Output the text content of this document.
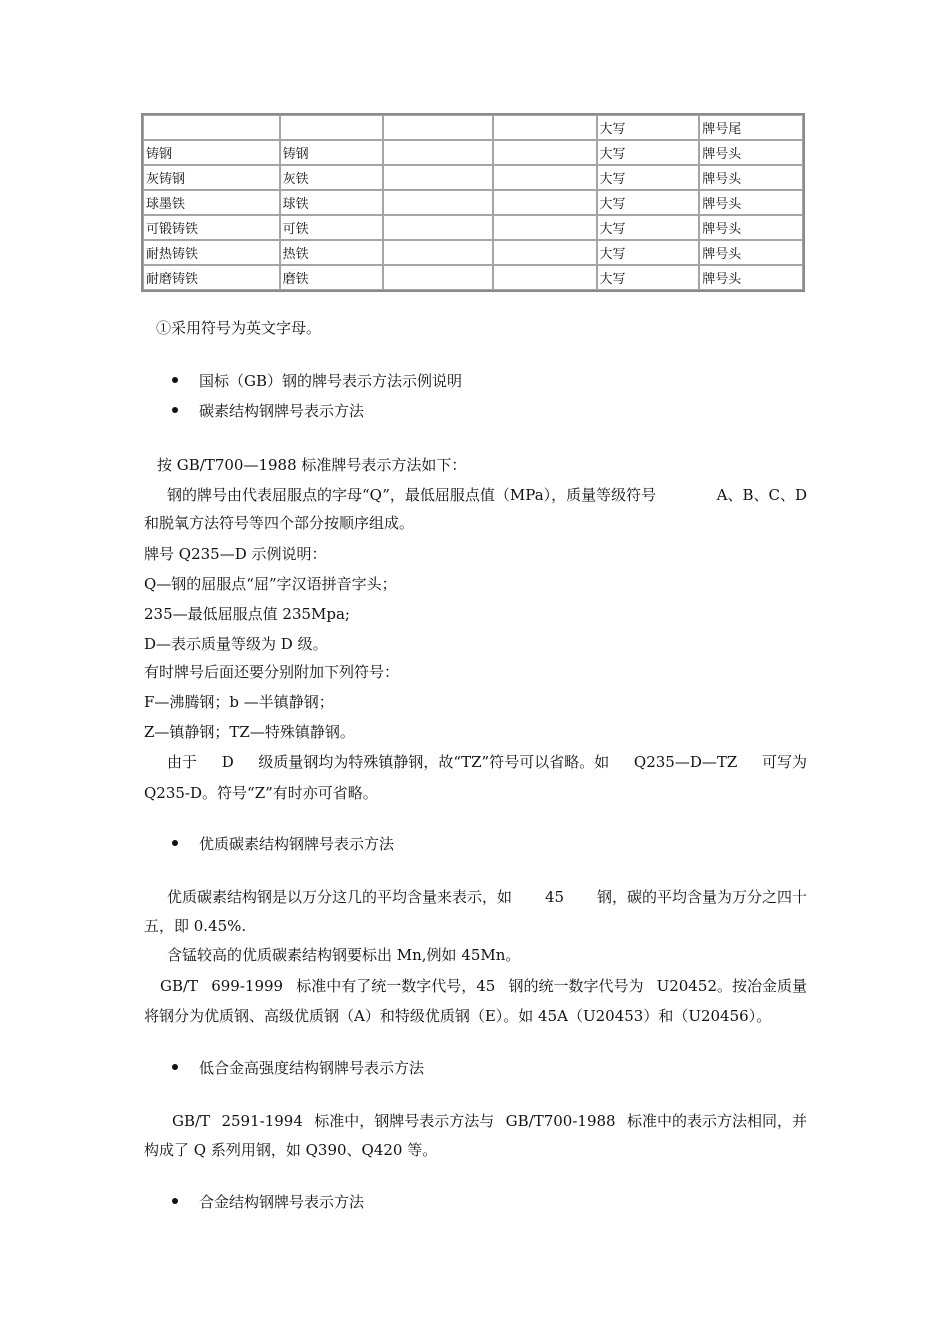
				大写	牌号尾
铸钢	铸钢			大写	牌号头
灰铸钢	灰铁			大写	牌号头
球墨铁	球铁			大写	牌号头
可锻铸铁	可铁			大写	牌号头
耐热铸铁	热铁			大写	牌号头
耐磨铸铁	磨铁			大写	牌号头
①采用符号为英文字母。
国标（GB）钢的牌号表示方法示例说明
碳素结构钢牌号表示方法
按 GB/T700—1988 标准牌号表示方法如下：
钢的牌号由代表屈服点的字母“Q”，最低屈服点值（MPa），质量等级符号	A、B、C、D
和脱氧方法符号等四个部分按顺序组成。
牌号 Q235—D 示例说明：
Q—钢的屈服点“屈”字汉语拼音字头；
235—最低屈服点值 235Mpa;
D—表示质量等级为 D 级。
有时牌号后面还要分别附加下列符号：
F—沸腾钢；b —半镇静钢；
Z—镇静钢；TZ—特殊镇静钢。
由于 D 级质量钢均为特殊镇静钢，故“TZ”符号可以省略。如 Q235—D—TZ 可写为
Q235-D。符号“Z”有时亦可省略。
优质碳素结构钢牌号表示方法
优质碳素结构钢是以万分这几的平均含量来表示，如 45 钢，碳的平均含量为万分之四十
五，即 0.45%.
含锰较高的优质碳素结构钢要标出 Mn,例如 45Mn。
GB/T 699-1999 标准中有了统一数字代号，45 钢的统一数字代号为 U20452。按冶金质量
将钢分为优质钢、高级优质钢（A）和特级优质钢（E）。如 45A（U20453）和（U20456）。
低合金高强度结构钢牌号表示方法
GB/T 2591-1994 标准中，钢牌号表示方法与 GB/T700-1988 标准中的表示方法相同，并
构成了 Q 系列用钢，如 Q390、Q420 等。
合金结构钢牌号表示方法
